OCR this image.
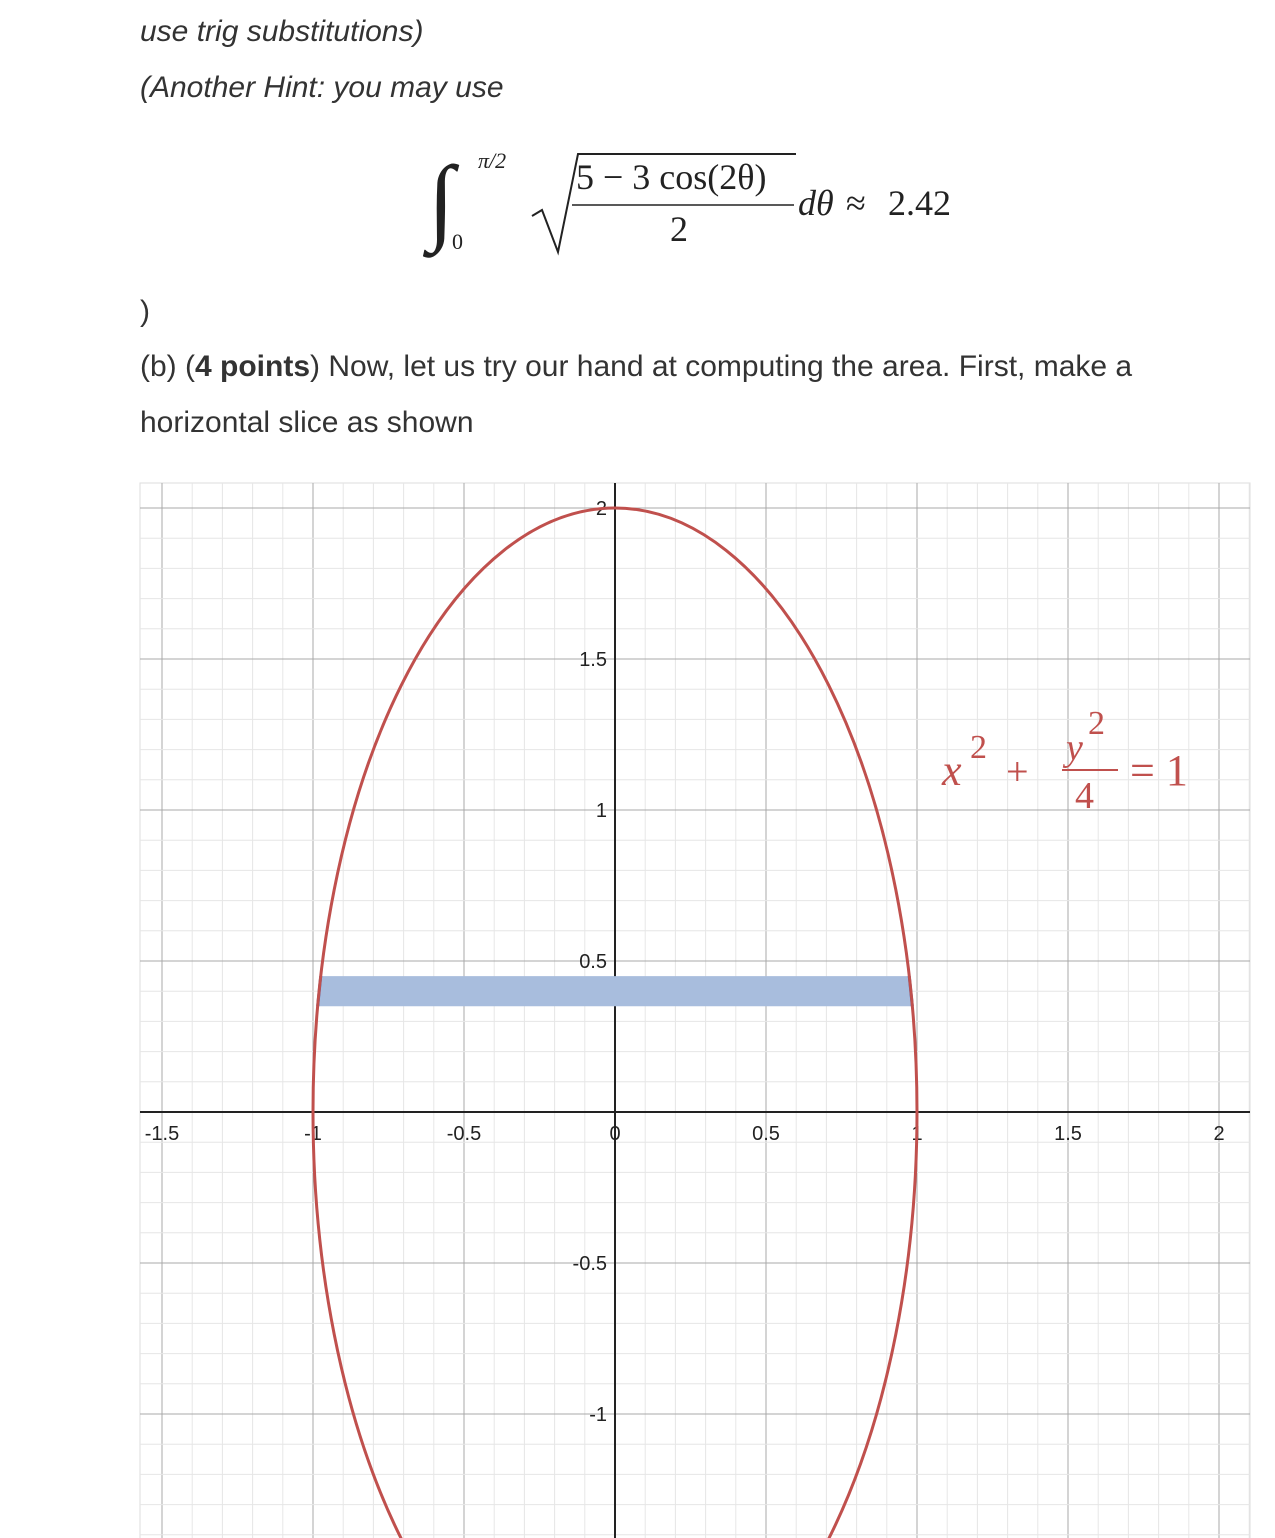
use trig substitutions)
(Another Hint: you may use
∫ π/2
0
5 − 3 cos(2θ)
2
dθ ≈ 2.42
)
(b) (4 points) Now, let us try our hand at computing the area. First, make a
horizontal slice as shown
-1.5	-1	-0.5	0	0.5	1	1.5	2
2
1.5
1
0.5
-0.5
-1
x 2
+
y
2
4
= 1
